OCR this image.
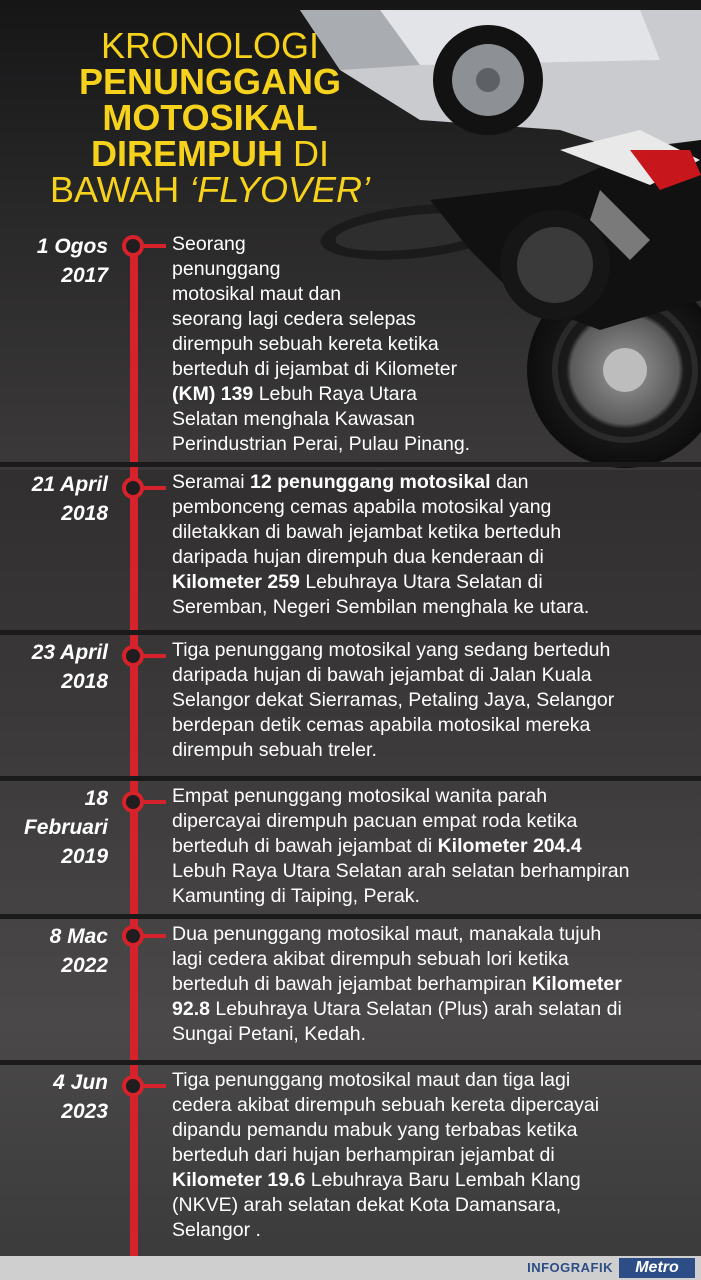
KRONOLOGI
PENUNGGANG
MOTOSIKAL
DIREMPUH DI
BAWAH ‘FLYOVER’
1 Ogos
2017
Seorang
penunggang
motosikal maut dan
seorang lagi cedera selepas
dirempuh sebuah kereta ketika
berteduh di jejambat di Kilometer
(KM) 139 Lebuh Raya Utara
Selatan menghala Kawasan
Perindustrian Perai, Pulau Pinang.
21 April
2018
Seramai 12 penunggang motosikal dan
pembonceng cemas apabila motosikal yang
diletakkan di bawah jejambat ketika berteduh
daripada hujan dirempuh dua kenderaan di
Kilometer 259 Lebuhraya Utara Selatan di
Seremban, Negeri Sembilan menghala ke utara.
23 April
2018
Tiga penunggang motosikal yang sedang berteduh
daripada hujan di bawah jejambat di Jalan Kuala
Selangor dekat Sierramas, Petaling Jaya, Selangor
berdepan detik cemas apabila motosikal mereka
dirempuh sebuah treler.
18
Februari
2019
Empat penunggang motosikal wanita parah
dipercayai dirempuh pacuan empat roda ketika
berteduh di bawah jejambat di Kilometer 204.4
Lebuh Raya Utara Selatan arah selatan berhampiran
Kamunting di Taiping, Perak.
8 Mac
2022
Dua penunggang motosikal maut, manakala tujuh
lagi cedera akibat dirempuh sebuah lori ketika
berteduh di bawah jejambat berhampiran Kilometer
92.8 Lebuhraya Utara Selatan (Plus) arah selatan di
Sungai Petani, Kedah.
4 Jun
2023
Tiga penunggang motosikal maut dan tiga lagi
cedera akibat dirempuh sebuah kereta dipercayai
dipandu pemandu mabuk yang terbabas ketika
berteduh dari hujan berhampiran jejambat di
Kilometer 19.6 Lebuhraya Baru Lembah Klang
(NKVE) arah selatan dekat Kota Damansara,
Selangor .
INFOGRAFIK	Metro
